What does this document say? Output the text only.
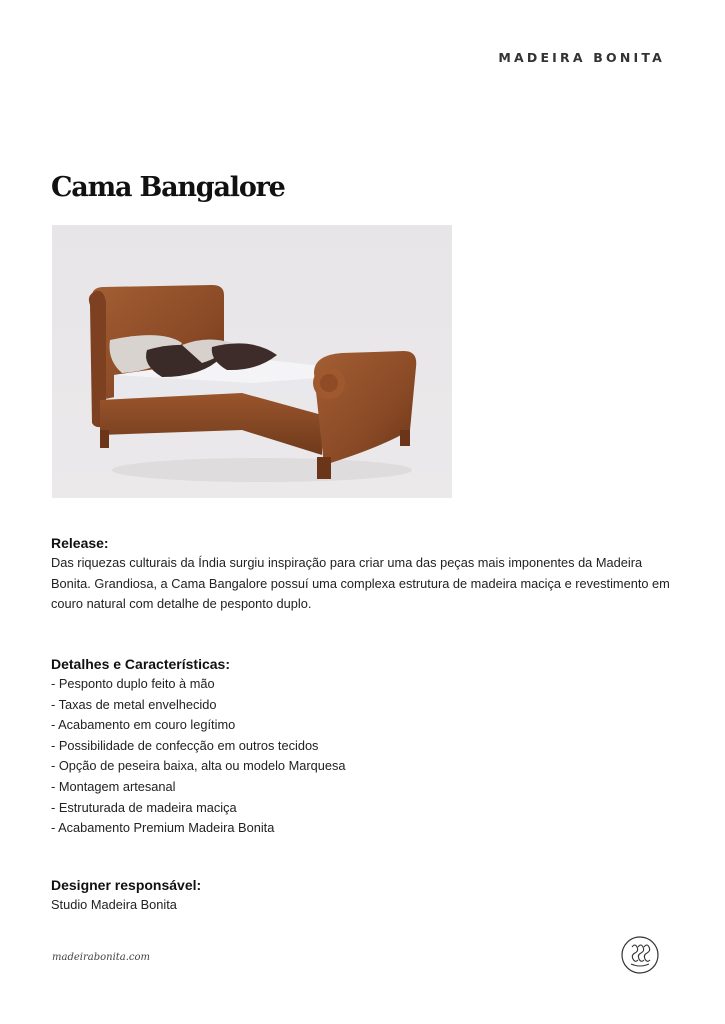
MADEIRA BONITA
Cama Bangalore
Release:

Das riquezas culturais da Índia surgiu inspiração para criar uma das peças mais imponentes da Madeira Bonita. Grandiosa, a Cama Bangalore possuí uma complexa estrutura de madeira maciça e revestimento em couro natural com detalhe de pesponto duplo.

Detalhes e Características:
- Pesponto duplo feito à mão
- Taxas de metal envelhecido
- Acabamento em couro legítimo
- Possibilidade de confecção em outros tecidos
- Opção de peseira baixa, alta ou modelo Marquesa
- Montagem artesanal
- Estruturada de madeira maciça
- Acabamento Premium Madeira Bonita
Designer responsável:

Studio Madeira Bonita

madeirabonita.com
